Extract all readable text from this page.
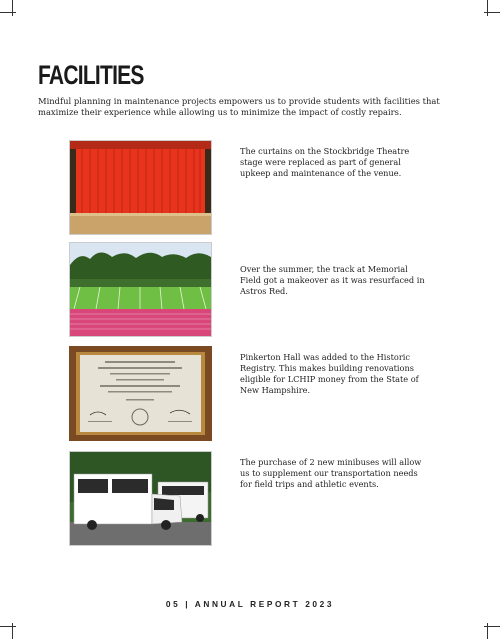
FACILITIES
Mindful planning in maintenance projects empowers us to provide students with facilities that maximize their experience while allowing us to minimize the impact of costly repairs.
The curtains on the Stockbridge Theatre stage were replaced as part of general upkeep and maintenance of the venue.
Over the summer, the track at Memorial Field got a makeover as it was resurfaced in Astros Red.
Pinkerton Hall was added to the Historic Registry. This makes building renovations eligible for LCHIP money from the State of New Hampshire.
The purchase of 2 new minibuses will allow us to supplement our transportation needs for field trips and athletic events.
05 | ANNUAL REPORT 2023
